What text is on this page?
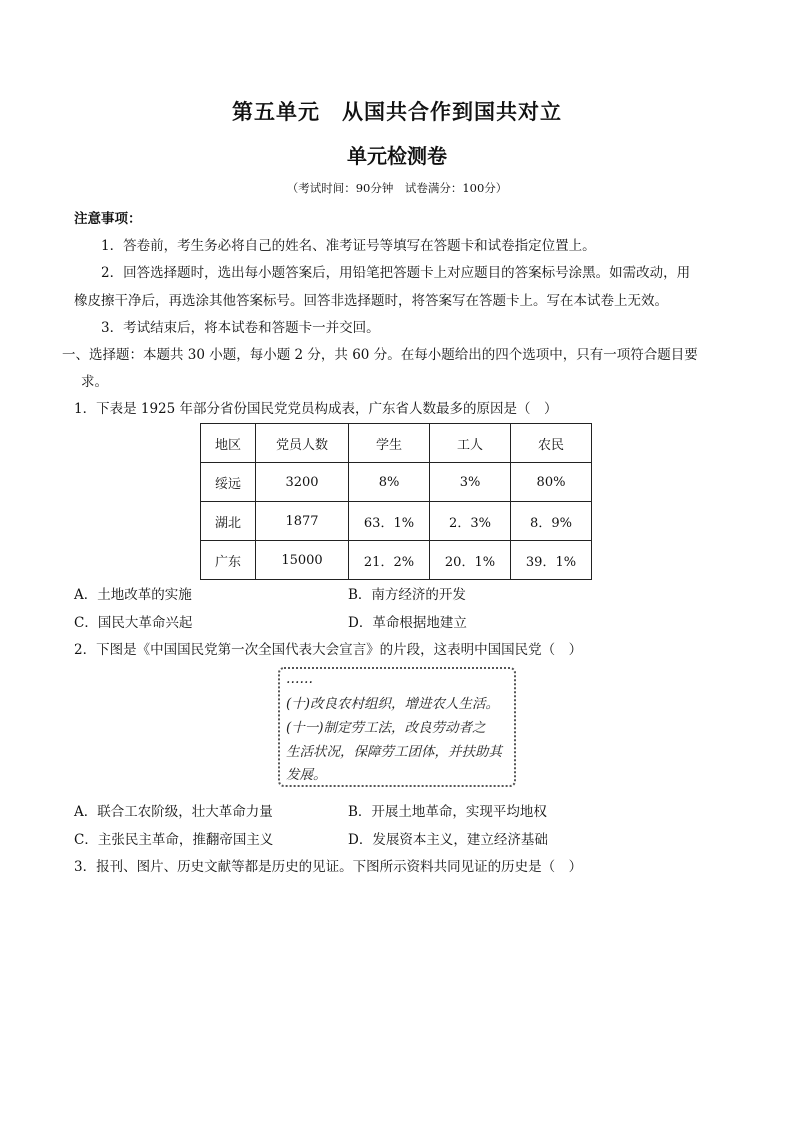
第五单元　从国共合作到国共对立
单元检测卷
（考试时间：90分钟　试卷满分：100分）
注意事项：
1．答卷前，考生务必将自己的姓名、准考证号等填写在答题卡和试卷指定位置上。
2．回答选择题时，选出每小题答案后，用铅笔把答题卡上对应题目的答案标号涂黑。如需改动，用
橡皮擦干净后，再选涂其他答案标号。回答非选择题时，将答案写在答题卡上。写在本试卷上无效。
3．考试结束后，将本试卷和答题卡一并交回。
一、选择题：本题共 30 小题，每小题 2 分，共 60 分。在每小题给出的四个选项中，只有一项符合题目要
求。
1．下表是 1925 年部分省份国民党党员构成表，广东省人数最多的原因是（　）
地区	党员人数	学生	工人	农民
绥远	3200	8%	3%	80%
湖北	1877	63．1%	2．3%	8．9%
广东	15000	21．2%	20．1%	39．1%
A．土地改革的实施	B．南方经济的开发
C．国民大革命兴起	D．革命根据地建立
2．下图是《中国国民党第一次全国代表大会宣言》的片段，这表明中国国民党（　）
……
(十)改良农村组织，增进农人生活。
(十一)制定劳工法，改良劳动者之
生活状况，保障劳工团体，并扶助其
发展。
A．联合工农阶级，壮大革命力量	B．开展土地革命，实现平均地权
C．主张民主革命，推翻帝国主义	D．发展资本主义，建立经济基础
3．报刊、图片、历史文献等都是历史的见证。下图所示资料共同见证的历史是（　）
